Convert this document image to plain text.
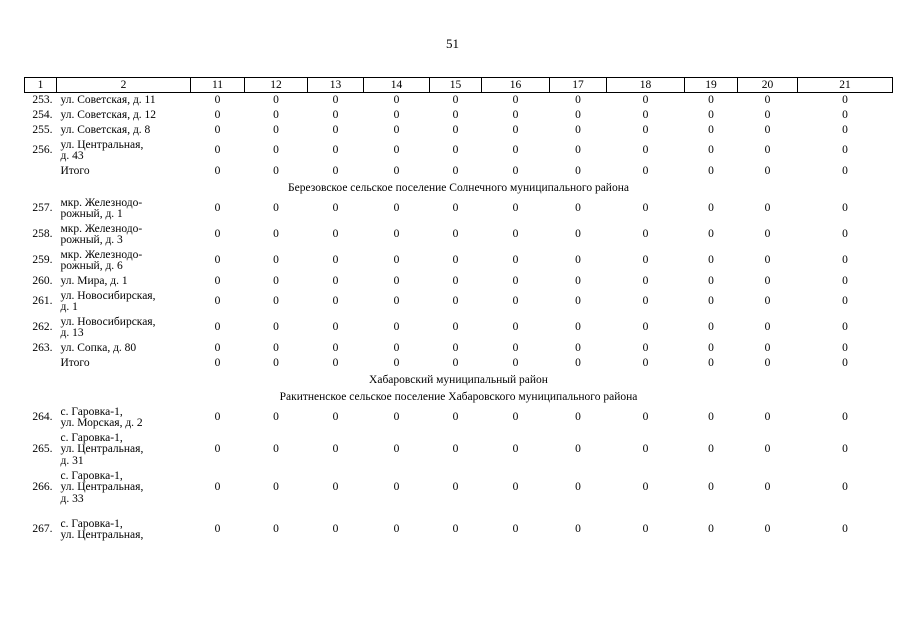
51
1	2	11	12	13	14	15	16	17	18	19	20	21
253.	ул. Советская, д. 11	0	0	0	0	0	0	0	0	0	0	0
254.	ул. Советская, д. 12	0	0	0	0	0	0	0	0	0	0	0
255.	ул. Советская, д. 8	0	0	0	0	0	0	0	0	0	0	0
256.	ул. Центральная,
д. 43	0	0	0	0	0	0	0	0	0	0	0
	Итого	0	0	0	0	0	0	0	0	0	0	0
Березовское сельское поселение Солнечного муниципального района												
257.	мкр. Железнодо-
рожный, д. 1	0	0	0	0	0	0	0	0	0	0	0
258.	мкр. Железнодо-
рожный, д. 3	0	0	0	0	0	0	0	0	0	0	0
259.	мкр. Железнодо-
рожный, д. 6	0	0	0	0	0	0	0	0	0	0	0
260.	ул. Мира, д. 1	0	0	0	0	0	0	0	0	0	0	0
261.	ул. Новосибирская,
д. 1	0	0	0	0	0	0	0	0	0	0	0
262.	ул. Новосибирская,
д. 13	0	0	0	0	0	0	0	0	0	0	0
263.	ул. Сопка, д. 80	0	0	0	0	0	0	0	0	0	0	0
	Итого	0	0	0	0	0	0	0	0	0	0	0
Хабаровский муниципальный район												
Ракитненское сельское поселение Хабаровского муниципального района												
264.	с. Гаровка-1,
ул. Морская, д. 2	0	0	0	0	0	0	0	0	0	0	0
265.	с. Гаровка-1,
ул. Центральная,
д. 31	0	0	0	0	0	0	0	0	0	0	0
266.	с. Гаровка-1,
ул. Центральная,
д. 33	0	0	0	0	0	0	0	0	0	0	0
267.	с. Гаровка-1,
ул. Центральная,	0	0	0	0	0	0	0	0	0	0	0
